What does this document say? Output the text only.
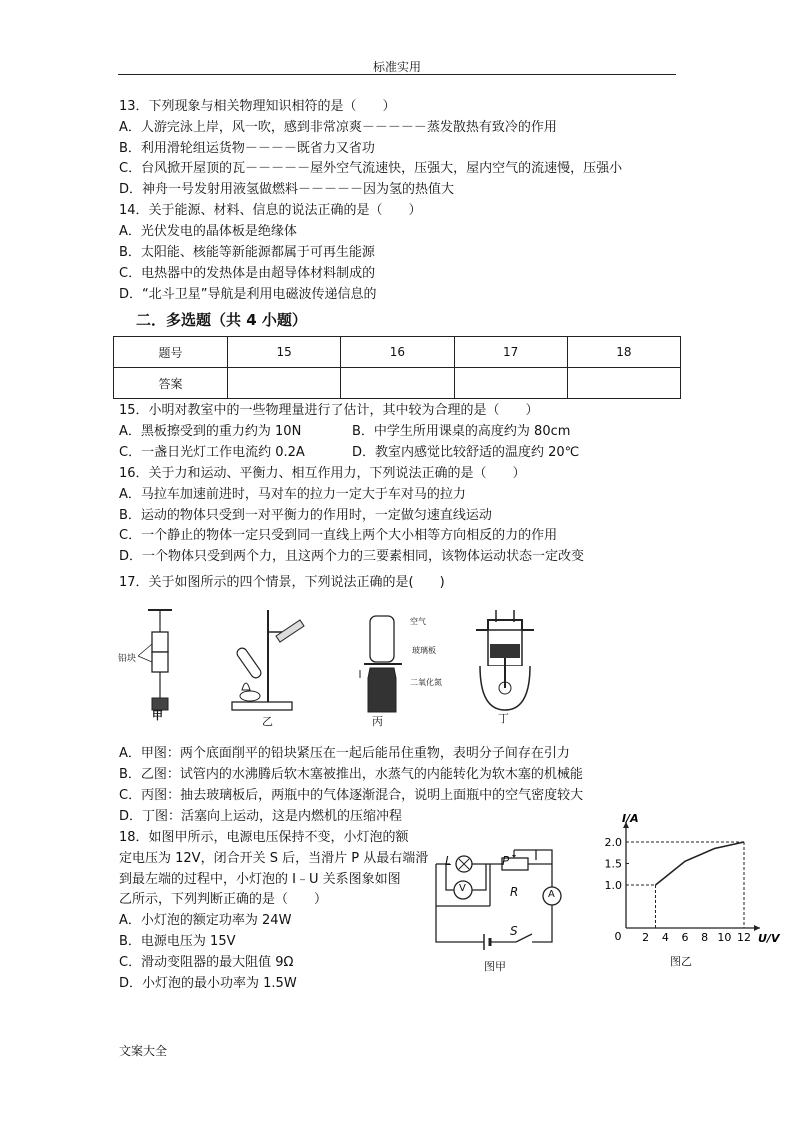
标准实用
13．下列现象与相关物理知识相符的是（　　）
A．人游完泳上岸，风一吹，感到非常凉爽－－－－－蒸发散热有致冷的作用
B．利用滑轮组运货物－－－－既省力又省功
C．台风掀开屋顶的瓦－－－－－屋外空气流速快，压强大，屋内空气的流速慢，压强小
D．神舟一号发射用液氢做燃料－－－－－因为氢的热值大
14．关于能源、材料、信息的说法正确的是（　　）
A．光伏发电的晶体板是绝缘体
B．太阳能、核能等新能源都属于可再生能源
C．电热器中的发热体是由超导体材料制成的
D．“北斗卫星”导航是利用电磁波传递信息的
二．多选题（共 4 小题）
题号	15	16	17	18
答案				
15．小明对教室中的一些物理量进行了估计，其中较为合理的是（　　）
A．黑板擦受到的重力约为 10N	B．中学生所用课桌的高度约为 80cm
C．一盏日光灯工作电流约 0.2A	D．教室内感觉比较舒适的温度约 20℃
16．关于力和运动、平衡力、相互作用力，下列说法正确的是（　　）
A．马拉车加速前进时，马对车的拉力一定大于车对马的拉力
B．运动的物体只受到一对平衡力的作用时，一定做匀速直线运动
C．一个静止的物体一定只受到同一直线上两个大小相等方向相反的力的作用
D．一个物体只受到两个力，且这两个力的三要素相同，该物体运动状态一定改变
17．关于如图所示的四个情景，下列说法正确的是(　　)
铅块
甲	乙
空气
玻璃板
二氧化氮
丙	丁
A．甲图：两个底面削平的铅块紧压在一起后能吊住重物，表明分子间存在引力
B．乙图：试管内的水沸腾后软木塞被推出，水蒸气的内能转化为软木塞的机械能
C．丙图：抽去玻璃板后，两瓶中的气体逐渐混合，说明上面瓶中的空气密度较大
D．丁图：活塞向上运动，这是内燃机的压缩冲程
18．如图甲所示，电源电压保持不变，小灯泡的额
定电压为 12V，闭合开关 S 后，当滑片 P 从最右端滑
到最左端的过程中，小灯泡的 I﹣U 关系图象如图
乙所示，下列判断正确的是（　　）
A．小灯泡的额定功率为 24W
B．电源电压为 15V
C．滑动变阻器的最大阻值 9Ω
D．小灯泡的最小功率为 1.5W
L	P
R
V
A
S
图甲
0
I/A
U/V
2 4 6 8 10 12
1.0
1.5
2.0
图乙
文案大全
